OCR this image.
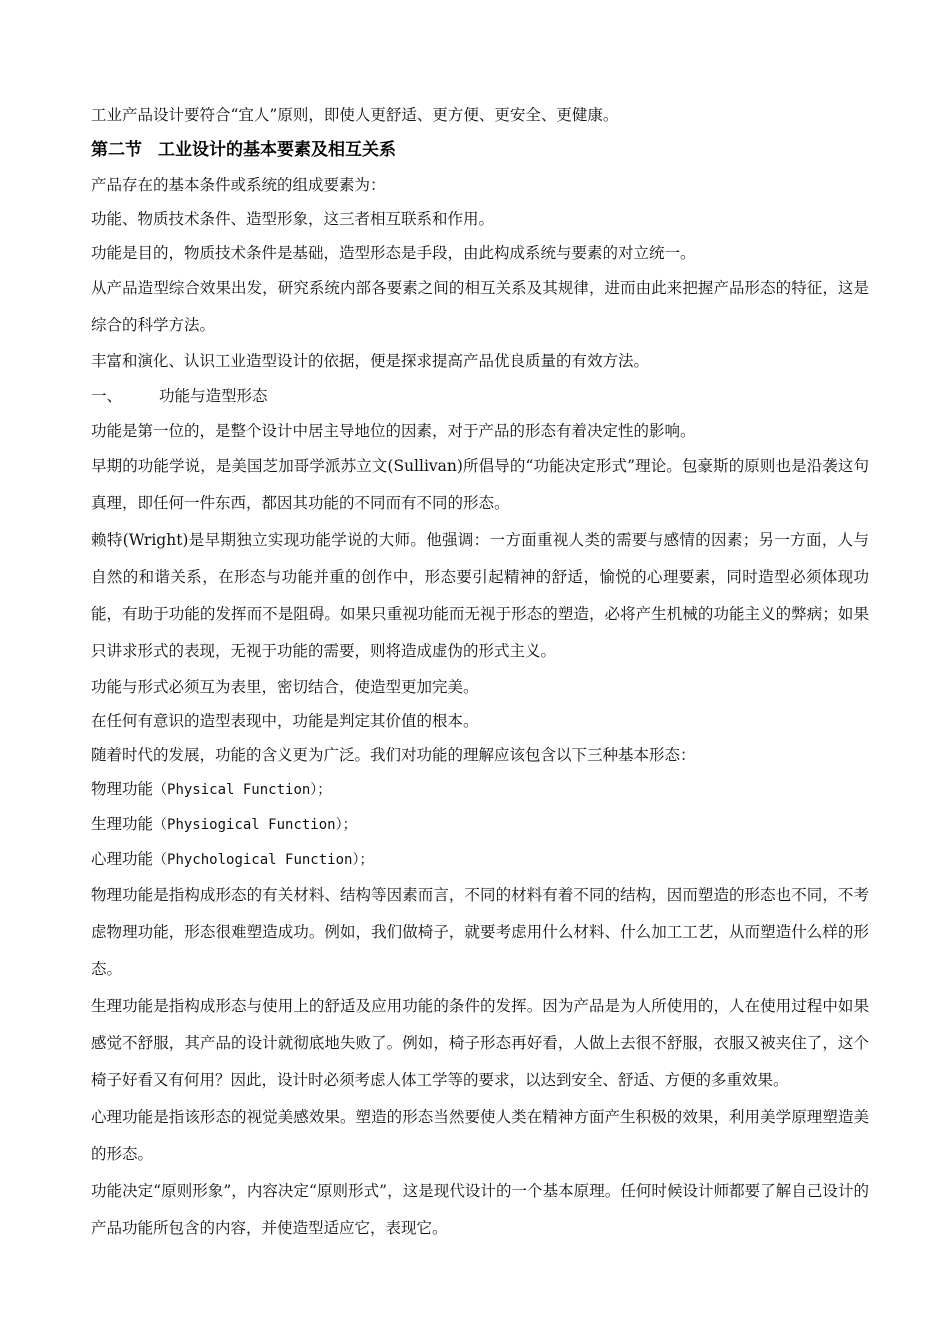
工业产品设计要符合“宜人”原则，即使人更舒适、更方便、更安全、更健康。

第二节 工业设计的基本要素及相互关系

产品存在的基本条件或系统的组成要素为：

功能、物质技术条件、造型形象，这三者相互联系和作用。

功能是目的，物质技术条件是基础，造型形态是手段，由此构成系统与要素的对立统一。

从产品造型综合效果出发，研究系统内部各要素之间的相互关系及其规律，进而由此来把握产品形态的特征，这是综合的科学方法。

丰富和演化、认识工业造型设计的依据，便是探求提高产品优良质量的有效方法。

一、 功能与造型形态

功能是第一位的，是整个设计中居主导地位的因素，对于产品的形态有着决定性的影响。

早期的功能学说，是美国芝加哥学派苏立文(Sullivan)所倡导的“功能决定形式”理论。包豪斯的原则也是沿袭这句真理，即任何一件东西，都因其功能的不同而有不同的形态。

赖特(Wright)是早期独立实现功能学说的大师。他强调：一方面重视人类的需要与感情的因素；另一方面，人与自然的和谐关系，在形态与功能并重的创作中，形态要引起精神的舒适，愉悦的心理要素，同时造型必须体现功能，有助于功能的发挥而不是阻碍。如果只重视功能而无视于形态的塑造，必将产生机械的功能主义的弊病；如果只讲求形式的表现，无视于功能的需要，则将造成虚伪的形式主义。

功能与形式必须互为表里，密切结合，使造型更加完美。

在任何有意识的造型表现中，功能是判定其价值的根本。

随着时代的发展，功能的含义更为广泛。我们对功能的理解应该包含以下三种基本形态：

物理功能（Physical Function）；

生理功能（Physiogical Function）；

心理功能（Phychological Function）；

物理功能是指构成形态的有关材料、结构等因素而言，不同的材料有着不同的结构，因而塑造的形态也不同，不考虑物理功能，形态很难塑造成功。例如，我们做椅子，就要考虑用什么材料、什么加工工艺，从而塑造什么样的形态。

生理功能是指构成形态与使用上的舒适及应用功能的条件的发挥。因为产品是为人所使用的，人在使用过程中如果感觉不舒服，其产品的设计就彻底地失败了。例如，椅子形态再好看，人做上去很不舒服，衣服又被夹住了，这个椅子好看又有何用？因此，设计时必须考虑人体工学等的要求，以达到安全、舒适、方便的多重效果。

心理功能是指该形态的视觉美感效果。塑造的形态当然要使人类在精神方面产生积极的效果，利用美学原理塑造美的形态。

功能决定“原则形象”，内容决定“原则形式”，这是现代设计的一个基本原理。任何时候设计师都要了解自己设计的产品功能所包含的内容，并使造型适应它，表现它。
